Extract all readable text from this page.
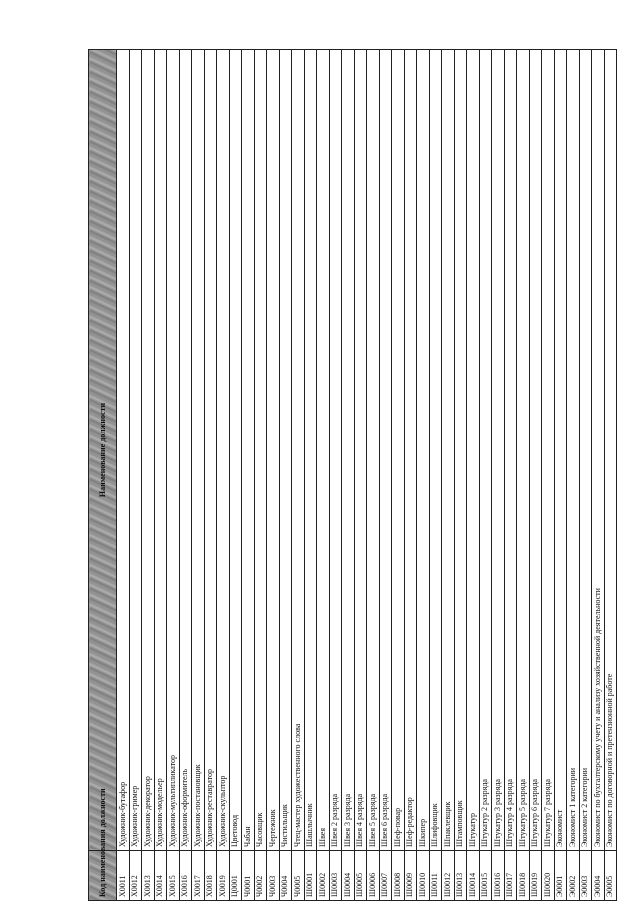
	Наименование должности
Х0011	Художник-бутафор
Х0012	Художник-гример
Х0013	Художник-декоратор
Х0014	Художник-модельер
Х0015	Художник-мультипликатор
Х0016	Художник-оформитель
Х0017	Художник-постановщик
Х0018	Художник-реставратор
Х0019	Художник-скульптор
Ц0001	Цветовод
Ч0001	Чабан
Ч0002	Часовщик
Ч0003	Чертежник
Ч0004	Чистильщик
Ч0005	Чтец-мастер художественного слова
Ш0001	Шашлычник
Ш0002	Швея
Ш0003	Швея 2 разряда
Ш0004	Швея 3 разряда
Ш0005	Швея 4 разряда
Ш0006	Швея 5 разряда
Ш0007	Швея 6 разряда
Ш0008	Шеф-повар
Ш0009	Шеф-редактор
Ш0010	Шкипер
Ш0011	Шлифовщик
Ш0012	Шпаклевщик
Ш0013	Штамповщик
Ш0014	Штукатур
Ш0015	Штукатур 2 разряда
Ш0016	Штукатур 3 разряда
Ш0017	Штукатур 4 разряда
Ш0018	Штукатур 5 разряда
Ш0019	Штукатур 6 разряда
Ш0020	Штукатур 7 разряда
Э0001	Экономист
Э0002	Экономист 1 категории
Э0003	Экономист 2 категории
Э0004	Экономист по бухгалтерскому учету и анализу хозяйственной деятельности
Э0005	Экономист по договорной и претензионной работе
